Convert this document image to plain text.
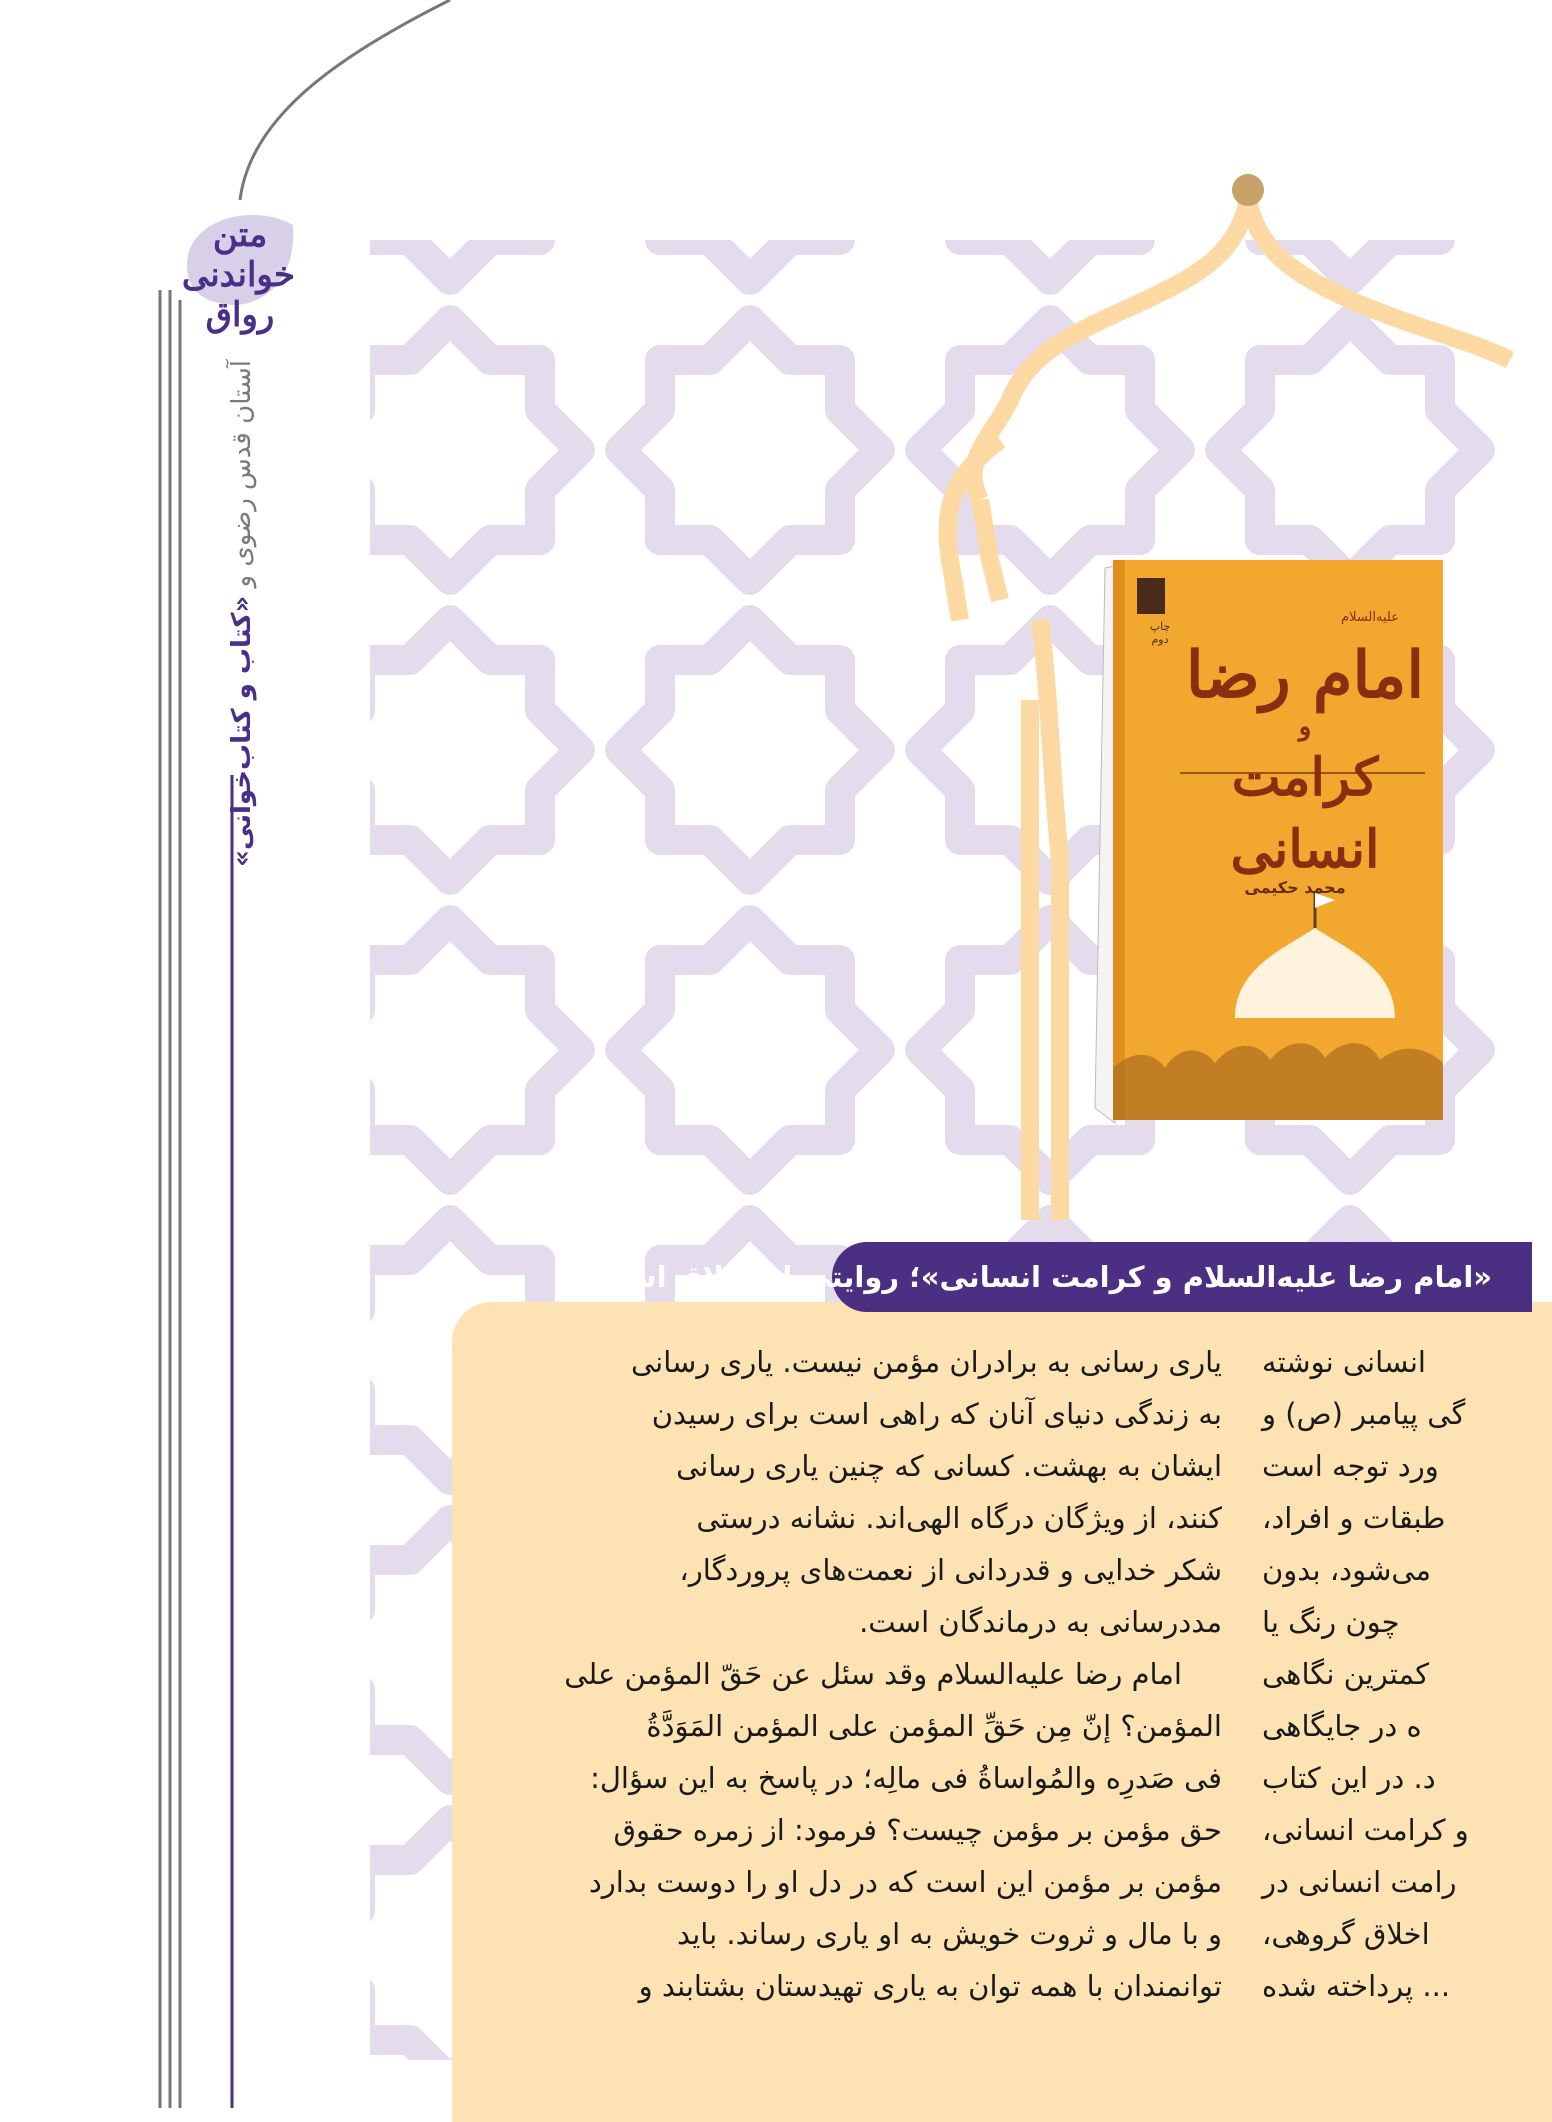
متن خواندنی رواق
آستان قدس رضوی و «کتاب و کتاب‌خوانی»	امام رضا
و
کرامت انسانی
علیه‌السلام
چاپ دوم
محمد حکیمی
«امام رضا علیه‌السلام و کرامت انسانی»؛ روایتی از اخلاق اسلامی

یاری رسانی به برادران مؤمن نیست. یاری رسانی

به زندگی دنیای آنان که راهی است برای رسیدن

ایشان به بهشت. کسانی که چنین یاری رسانی

کنند، از ویژگان درگاه الهی‌اند. نشانه درستی

شکر خدایی و قدردانی از نعمت‌های پروردگار،

مددرسانی به درماندگان است.

امام رضا علیه‌السلام وقد سئل عن حَقّ المؤمن علی

المؤمن؟ إنّ مِن حَقِّ المؤمن علی المؤمن المَوَدَّةُ

فی صَدرِه والمُواساةُ فی مالِه؛ در پاسخ به این سؤال:

حق مؤمن بر مؤمن چیست؟ فرمود: از زمره حقوق

مؤمن بر مؤمن این است که در دل او را دوست بدارد

و با مال و ثروت خویش به او یاری رساند. باید

توانمندان با همه توان به یاری تهیدستان بشتابند و

انسانی نوشته

گی پیامبر (ص) و

ورد توجه است

طبقات و افراد،

می‌شود، بدون

چون رنگ یا

کمترین نگاهی

ه در جایگاهی

د. در این کتاب

و کرامت انسانی،

رامت انسانی در

اخلاق گروهی،

... پرداخته شده
